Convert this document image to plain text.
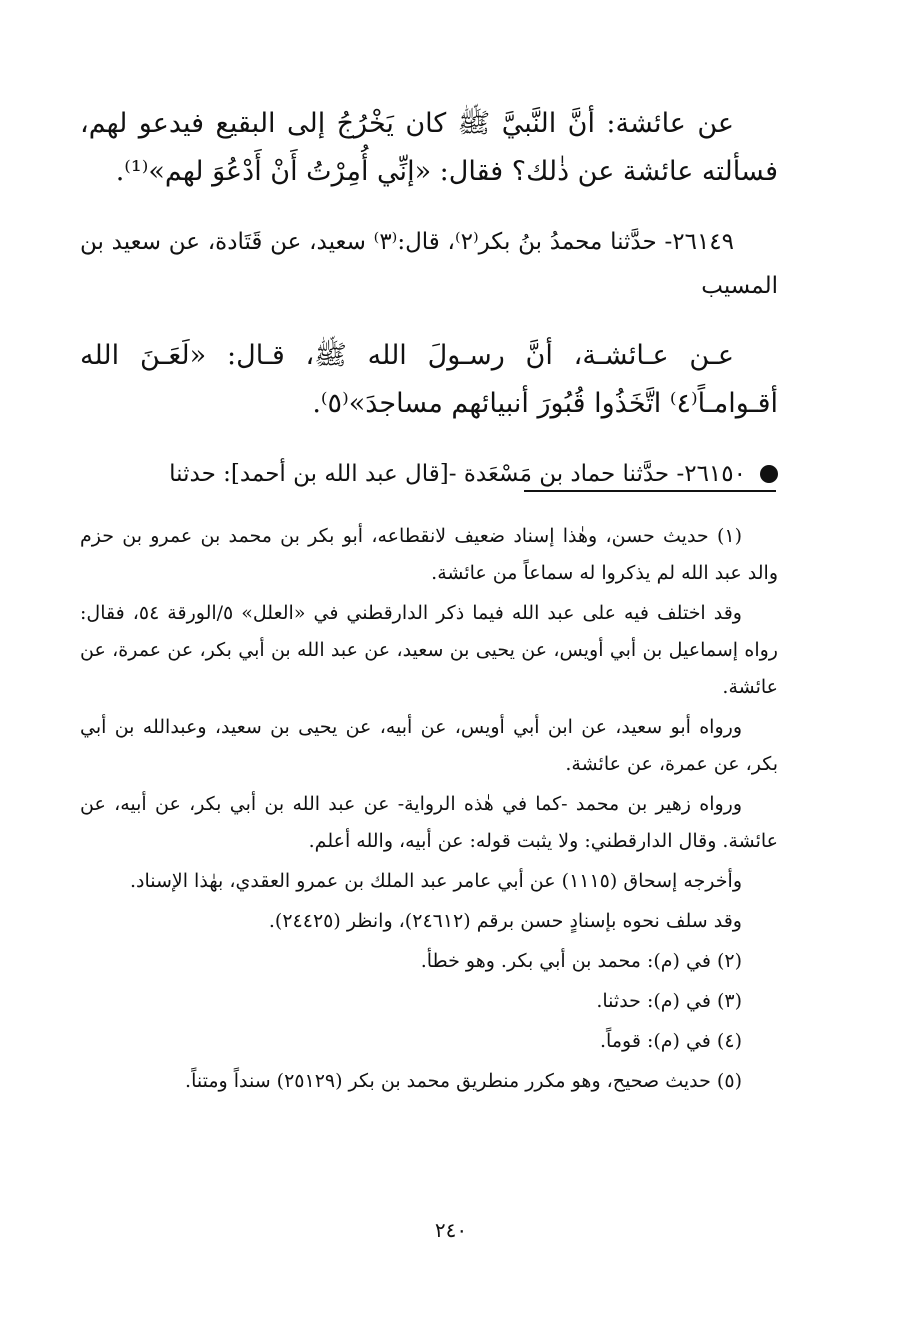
عن عائشة: أنَّ النَّبيَّ ﷺ كان يَخْرُجُ إلى البقيع فيدعو لهم، فسألته عائشة عن ذٰلك؟ فقال: «إنِّي أُمِرْتُ أَنْ أَدْعُوَ لهم»⁽¹⁾.

٢٦١٤٩- حدَّثنا محمدُ بنُ بكر⁽٢⁾، قال:⁽٣⁾ سعيد، عن قَتَادة، عن سعيد بن المسيب

عـن عـائشـة، أنَّ رسـولَ الله ﷺ، قـال: «لَعَـنَ الله أقـوامـاً⁽٤⁾ اتَّخَذُوا قُبُورَ أنبيائهم مساجدَ»⁽٥⁾.

٢٦١٥٠- حدَّثنا حماد بن مَسْعَدة -[قال عبد الله بن أحمد]: حدثنا

(١) حديث حسن، وهٰذا إسناد ضعيف لانقطاعه، أبو بكر بن محمد بن عمرو بن حزم والد عبد الله لم يذكروا له سماعاً من عائشة.

وقد اختلف فيه على عبد الله فيما ذكر الدارقطني في «العلل» ٥/الورقة ٥٤، فقال: رواه إسماعيل بن أبي أويس، عن يحيى بن سعيد، عن عبد الله بن أبي بكر، عن عمرة، عن عائشة.

ورواه أبو سعيد، عن ابن أبي أويس، عن أبيه، عن يحيى بن سعيد، وعبدالله بن أبي بكر، عن عمرة، عن عائشة.

ورواه زهير بن محمد -كما في هٰذه الرواية- عن عبد الله بن أبي بكر، عن أبيه، عن عائشة. وقال الدارقطني: ولا يثبت قوله: عن أبيه، والله أعلم.

وأخرجه إسحاق (١١١٥) عن أبي عامر عبد الملك بن عمرو العقدي، بهٰذا الإسناد.

وقد سلف نحوه بإسنادٍ حسن برقم (٢٤٦١٢)، وانظر (٢٤٤٢٥).

(٢) في (م): محمد بن أبي بكر. وهو خطأ.

(٣) في (م): حدثنا.

(٤) في (م): قوماً.

(٥) حديث صحيح، وهو مكرر منطريق محمد بن بكر (٢٥١٢٩) سنداً ومتناً.

٢٤٠
